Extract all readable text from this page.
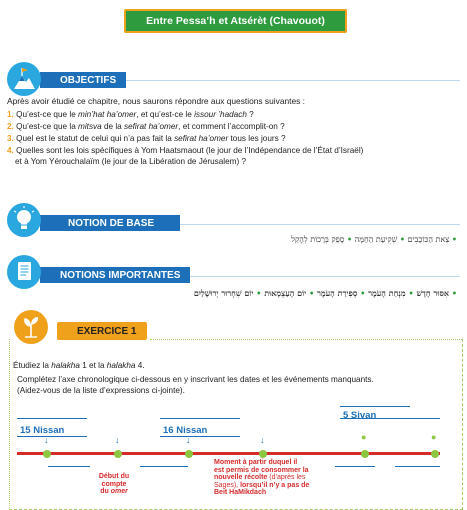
Entre Pessa’h et Atsérèt (Chavouot)
OBJECTIFS
Après avoir étudié ce chapitre, nous saurons répondre aux questions suivantes :
1. Qu’est-ce que le min’hat ha’omer, et qu’est-ce le issour ’hadach ?
2. Qu’est-ce que la mitsva de la sefirat ha’omer, et comment l’accomplit-on ?
3. Quel est le statut de celui qui n’a pas fait la sefirat ha’omer tous les jours ?
4. Quelles sont les lois spécifiques à Yom Haatsmaout (le jour de l’Indépendance de l’État d’Israël)
et à Yom Yérouchalaïm (le jour de la Libération de Jérusalem) ?
NOTION DE BASE
• צֵאת הַכּוֹכָבִים • שְׁקִיעַת הַחַמָּה • סָפֵק בְּרָכוֹת לְהָקֵל
NOTIONS IMPORTANTES
• אִסּוּר חָדָשׁ • מִנְחַת הָעֹמֶר • סְפִירַת הָעֹמֶר • יוֹם הָעַצְמָאוּת • יוֹם שִׁחְרוּר יְרוּשָׁלַיִם
EXERCICE 1
Étudiez la halakha 1 et la halakha 4.
Complétez l’axe chronologique ci-dessous en y inscrivant les dates et les événements manquants.
(Aidez-vous de la liste d’expressions ci-jointe).
15 Nissan	16 Nissan
5 Sivan
↓	↓	↓	↓	●	●
Début du
compte
du omer
Moment à partir duquel il
est permis de consommer la
nouvelle récolte (d’après les
Sages), lorsqu’il n’y a pas de
Beit HaMikdach
